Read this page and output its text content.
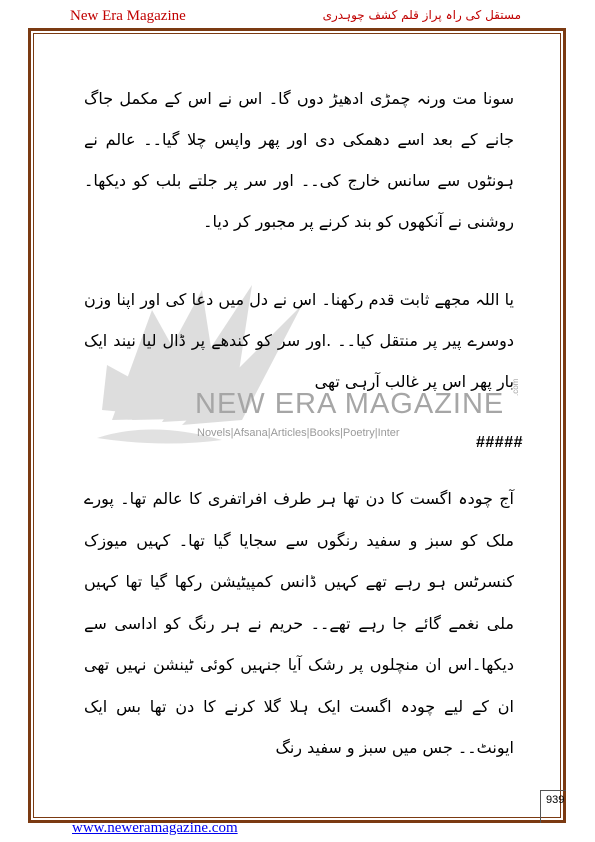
New Era Magazine	مستقل کی راہ پراز قلم کشف چوہدری
NEW ERA MAGAZINE
Novels|Afsana|Articles|Books|Poetry|Inter
.com
سونا مت ورنہ چمڑی ادھیڑ دوں گا۔ اس نے اس کے مکمل جاگ جانے کے بعد اسے دھمکی دی اور پھر واپس چلا گیا۔۔ عالم نے ہونٹوں سے سانس خارج کی۔۔ اور سر پر جلتے بلب کو دیکھا۔ روشنی نے آنکھوں کو بند کرنے پر مجبور کر دیا۔
یا اللہ مجھے ثابت قدم رکھنا۔ اس نے دل میں دعا کی اور اپنا وزن دوسرے پیر پر منتقل کیا۔۔ .اور سر کو کندھے پر ڈال لیا نیند ایک بار پھر اس پر غالب آرہی تھی
#####
آج چودہ اگست کا دن تھا ہر طرف افراتفری کا عالم تھا۔ پورے ملک کو سبز و سفید رنگوں سے سجایا گیا تھا۔ کہیں میوزک کنسرٹس ہو رہے تھے کہیں ڈانس کمپیٹیشن رکھا گیا تھا کہیں ملی نغمے گائے جا رہے تھے۔۔ حریم نے ہر رنگ کو اداسی سے دیکھا۔اس ان منچلوں پر رشک آیا جنہیں کوئی ٹینشن نہیں تھی ان کے لیے چودہ اگست ایک ہلا گلا کرنے کا دن تھا بس ایک ایونٹ۔۔ جس میں سبز و سفید رنگ
939
www.neweramagazine.com
